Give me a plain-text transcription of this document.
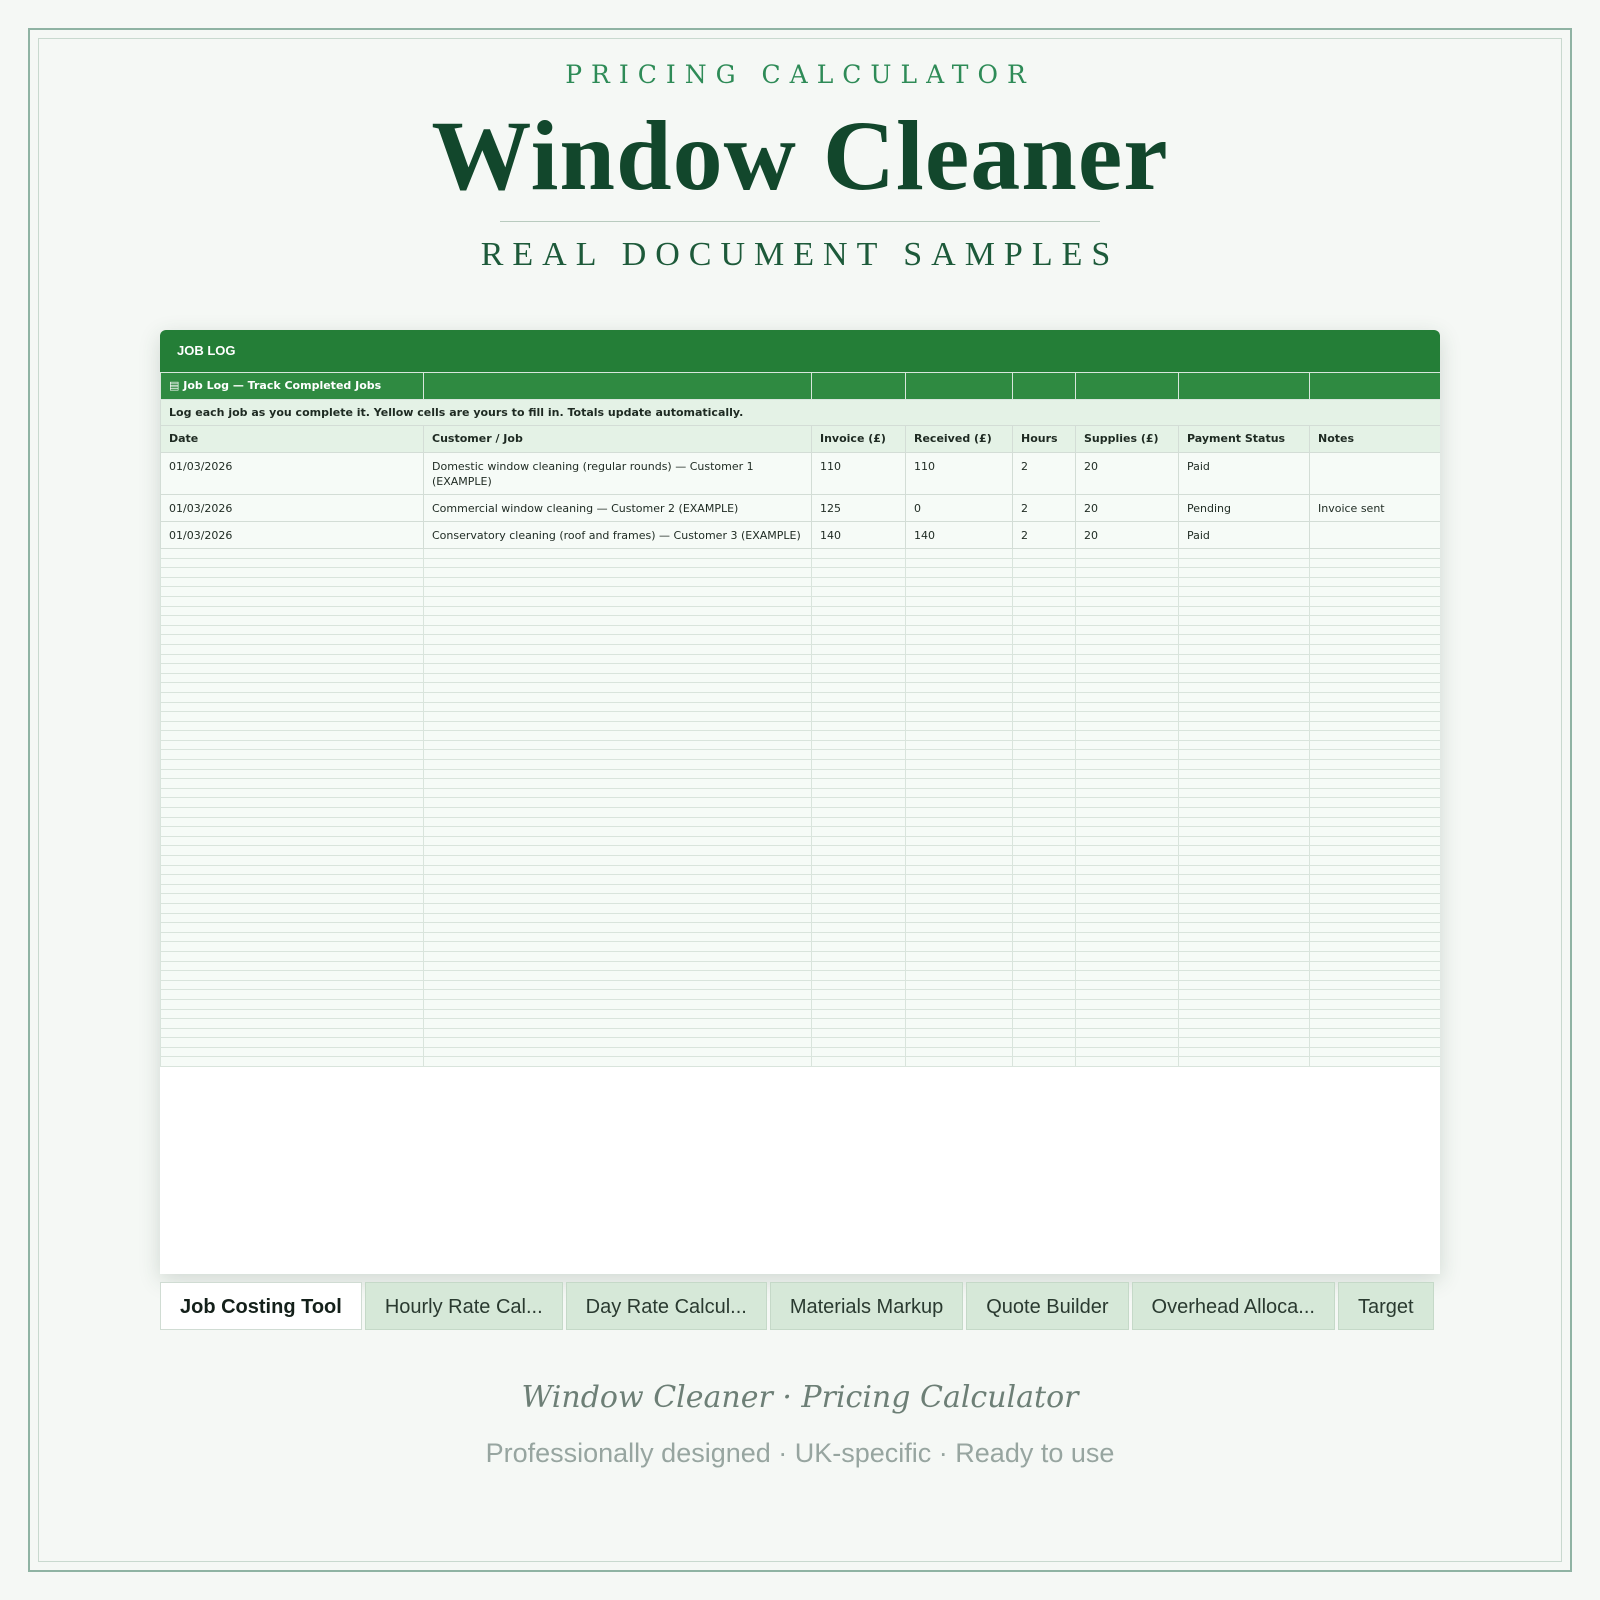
PRICING CALCULATOR
Window Cleaner
REAL DOCUMENT SAMPLES
JOB LOG
▤ Job Log — Track Completed Jobs							
Log each job as you complete it. Yellow cells are yours to fill in. Totals update automatically.							
Date	Customer / Job	Invoice (£)	Received (£)	Hours	Supplies (£)	Payment Status	Notes
01/03/2026	Domestic window cleaning (regular rounds) — Customer 1 (EXAMPLE)	110	110	2	20	Paid	
01/03/2026	Commercial window cleaning — Customer 2 (EXAMPLE)	125	0	2	20	Pending	Invoice sent
01/03/2026	Conservatory cleaning (roof and frames) — Customer 3 (EXAMPLE)	140	140	2	20	Paid	

Job Costing Tool Hourly Rate Cal... Day Rate Calcul... Materials Markup Quote Builder Overhead Alloca... Target
Window Cleaner · Pricing Calculator
Professionally designed · UK-specific · Ready to use
